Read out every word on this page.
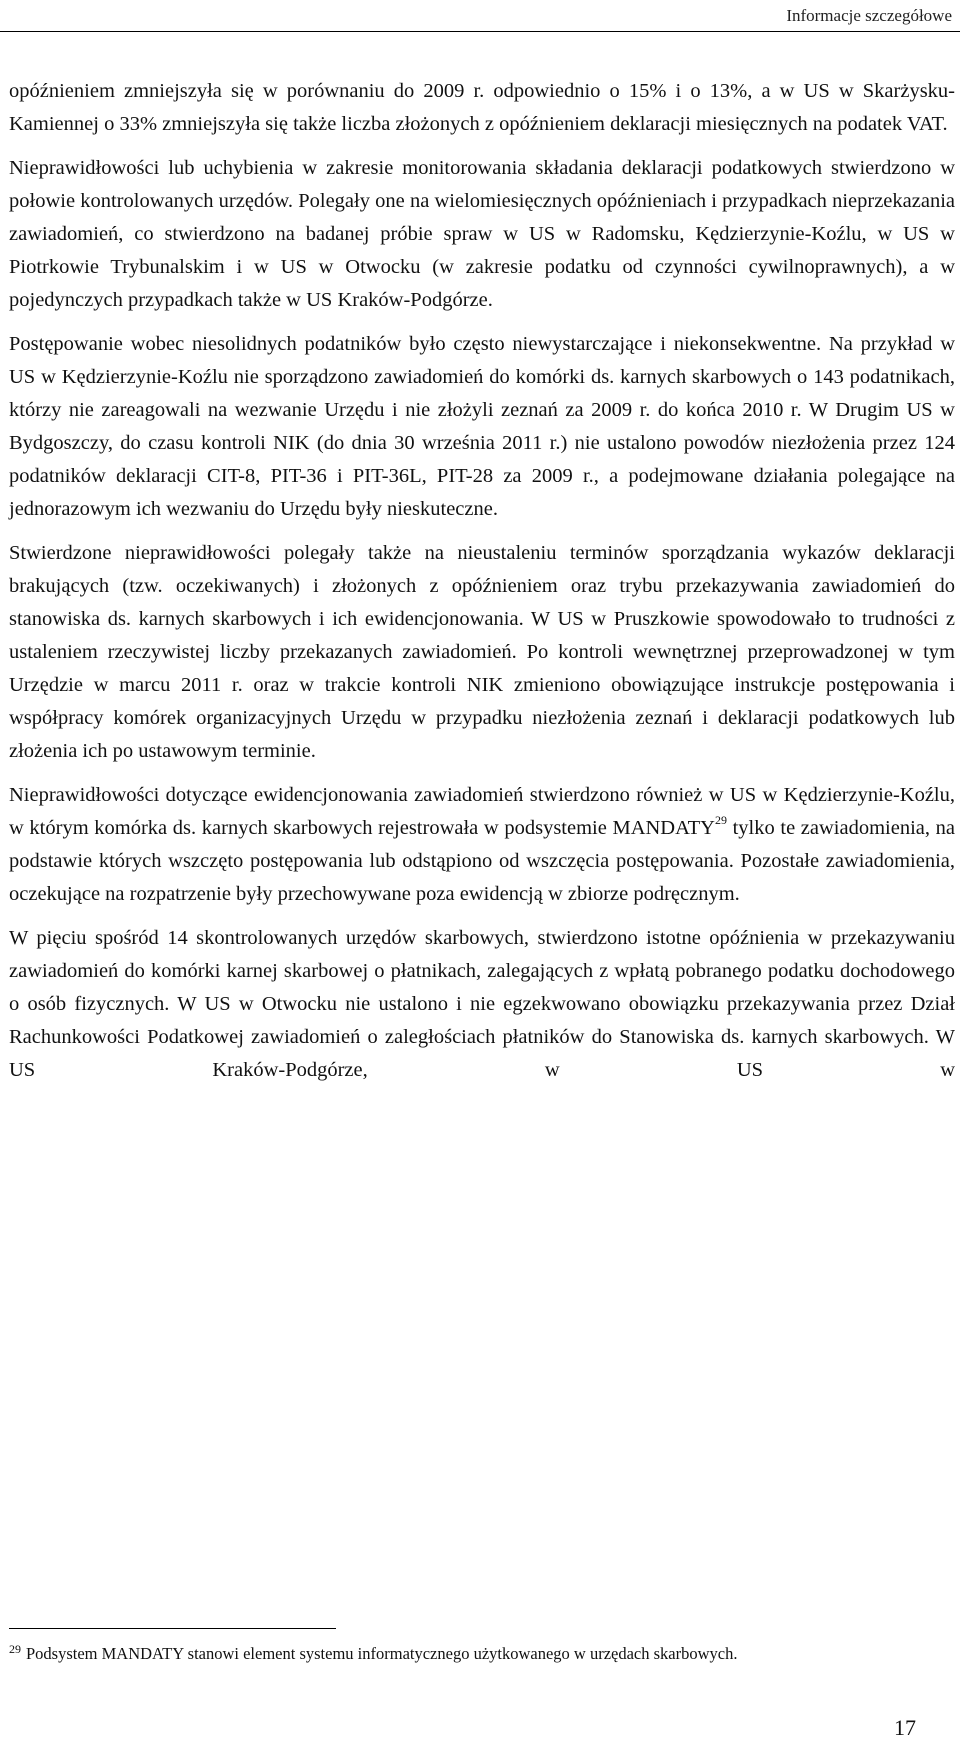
Informacje szczegółowe

opóźnieniem zmniejszyła się w porównaniu do 2009 r. odpowiednio o 15% i o 13%, a w US w Skarżysku-Kamiennej o 33% zmniejszyła się także liczba złożonych z opóźnieniem deklaracji miesięcznych na podatek VAT.

Nieprawidłowości lub uchybienia w zakresie monitorowania składania deklaracji podatkowych stwierdzono w połowie kontrolowanych urzędów. Polegały one na wielomiesięcznych opóźnieniach i przypadkach nieprzekazania zawiadomień, co stwierdzono na badanej próbie spraw w US w Radomsku, Kędzierzynie-Koźlu, w US w Piotrkowie Trybunalskim i w US w Otwocku (w zakresie podatku od czynności cywilnoprawnych), a w pojedynczych przypadkach także w US Kraków-Podgórze.

Postępowanie wobec niesolidnych podatników było często niewystarczające i niekonsekwentne. Na przykład w US w Kędzierzynie-Koźlu nie sporządzono zawiadomień do komórki ds. karnych skarbowych o 143 podatnikach, którzy nie zareagowali na wezwanie Urzędu i nie złożyli zeznań za 2009 r. do końca 2010 r. W Drugim US w Bydgoszczy, do czasu kontroli NIK (do dnia 30 września 2011 r.) nie ustalono powodów niezłożenia przez 124 podatników deklaracji CIT-8, PIT-36 i PIT-36L, PIT-28 za 2009 r., a podejmowane działania polegające na jednorazowym ich wezwaniu do Urzędu były nieskuteczne.

Stwierdzone nieprawidłowości polegały także na nieustaleniu terminów sporządzania wykazów deklaracji brakujących (tzw. oczekiwanych) i złożonych z opóźnieniem oraz trybu przekazywania zawiadomień do stanowiska ds. karnych skarbowych i ich ewidencjonowania. W US w Pruszkowie spowodowało to trudności z ustaleniem rzeczywistej liczby przekazanych zawiadomień. Po kontroli wewnętrznej przeprowadzonej w tym Urzędzie w marcu 2011 r. oraz w trakcie kontroli NIK zmieniono obowiązujące instrukcje postępowania i współpracy komórek organizacyjnych Urzędu w przypadku niezłożenia zeznań i deklaracji podatkowych lub złożenia ich po ustawowym terminie.

Nieprawidłowości dotyczące ewidencjonowania zawiadomień stwierdzono również w US w Kędzierzynie-Koźlu, w którym komórka ds. karnych skarbowych rejestrowała w podsystemie MANDATY$^{29}$ tylko te zawiadomienia, na podstawie których wszczęto postępowania lub odstąpiono od wszczęcia postępowania. Pozostałe zawiadomienia, oczekujące na rozpatrzenie były przechowywane poza ewidencją w zbiorze podręcznym.

W pięciu spośród 14 skontrolowanych urzędów skarbowych, stwierdzono istotne opóźnienia w przekazywaniu zawiadomień do komórki karnej skarbowej o płatnikach, zalegających z wpłatą pobranego podatku dochodowego o osób fizycznych. W US w Otwocku nie ustalono i nie egzekwowano obowiązku przekazywania przez Dział Rachunkowości Podatkowej zawiadomień o zaległościach płatników do Stanowiska ds. karnych skarbowych. W US Kraków-Podgórze, w US w

29 Podsystem MANDATY stanowi element systemu informatycznego użytkowanego w urzędach skarbowych.
17
